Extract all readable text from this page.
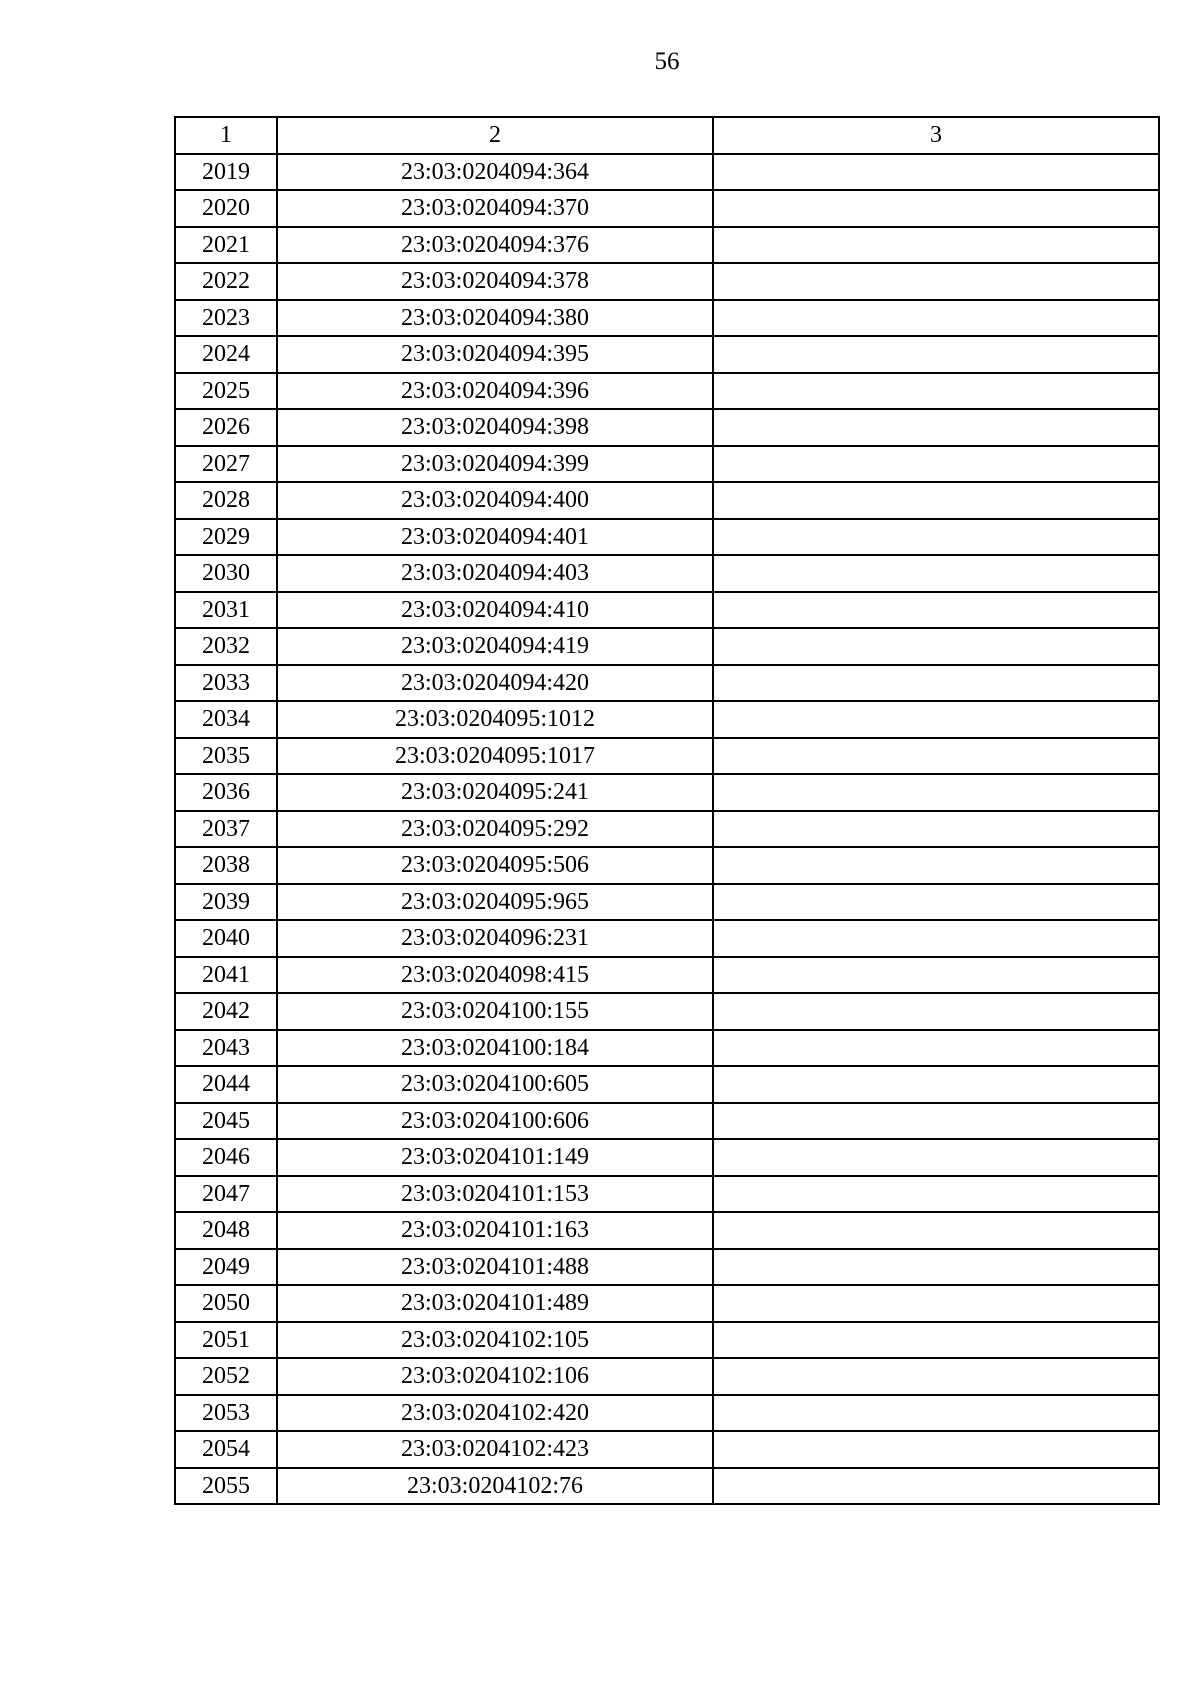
56
1	2	3
2019	23:03:0204094:364	
2020	23:03:0204094:370	
2021	23:03:0204094:376	
2022	23:03:0204094:378	
2023	23:03:0204094:380	
2024	23:03:0204094:395	
2025	23:03:0204094:396	
2026	23:03:0204094:398	
2027	23:03:0204094:399	
2028	23:03:0204094:400	
2029	23:03:0204094:401	
2030	23:03:0204094:403	
2031	23:03:0204094:410	
2032	23:03:0204094:419	
2033	23:03:0204094:420	
2034	23:03:0204095:1012	
2035	23:03:0204095:1017	
2036	23:03:0204095:241	
2037	23:03:0204095:292	
2038	23:03:0204095:506	
2039	23:03:0204095:965	
2040	23:03:0204096:231	
2041	23:03:0204098:415	
2042	23:03:0204100:155	
2043	23:03:0204100:184	
2044	23:03:0204100:605	
2045	23:03:0204100:606	
2046	23:03:0204101:149	
2047	23:03:0204101:153	
2048	23:03:0204101:163	
2049	23:03:0204101:488	
2050	23:03:0204101:489	
2051	23:03:0204102:105	
2052	23:03:0204102:106	
2053	23:03:0204102:420	
2054	23:03:0204102:423	
2055	23:03:0204102:76	
